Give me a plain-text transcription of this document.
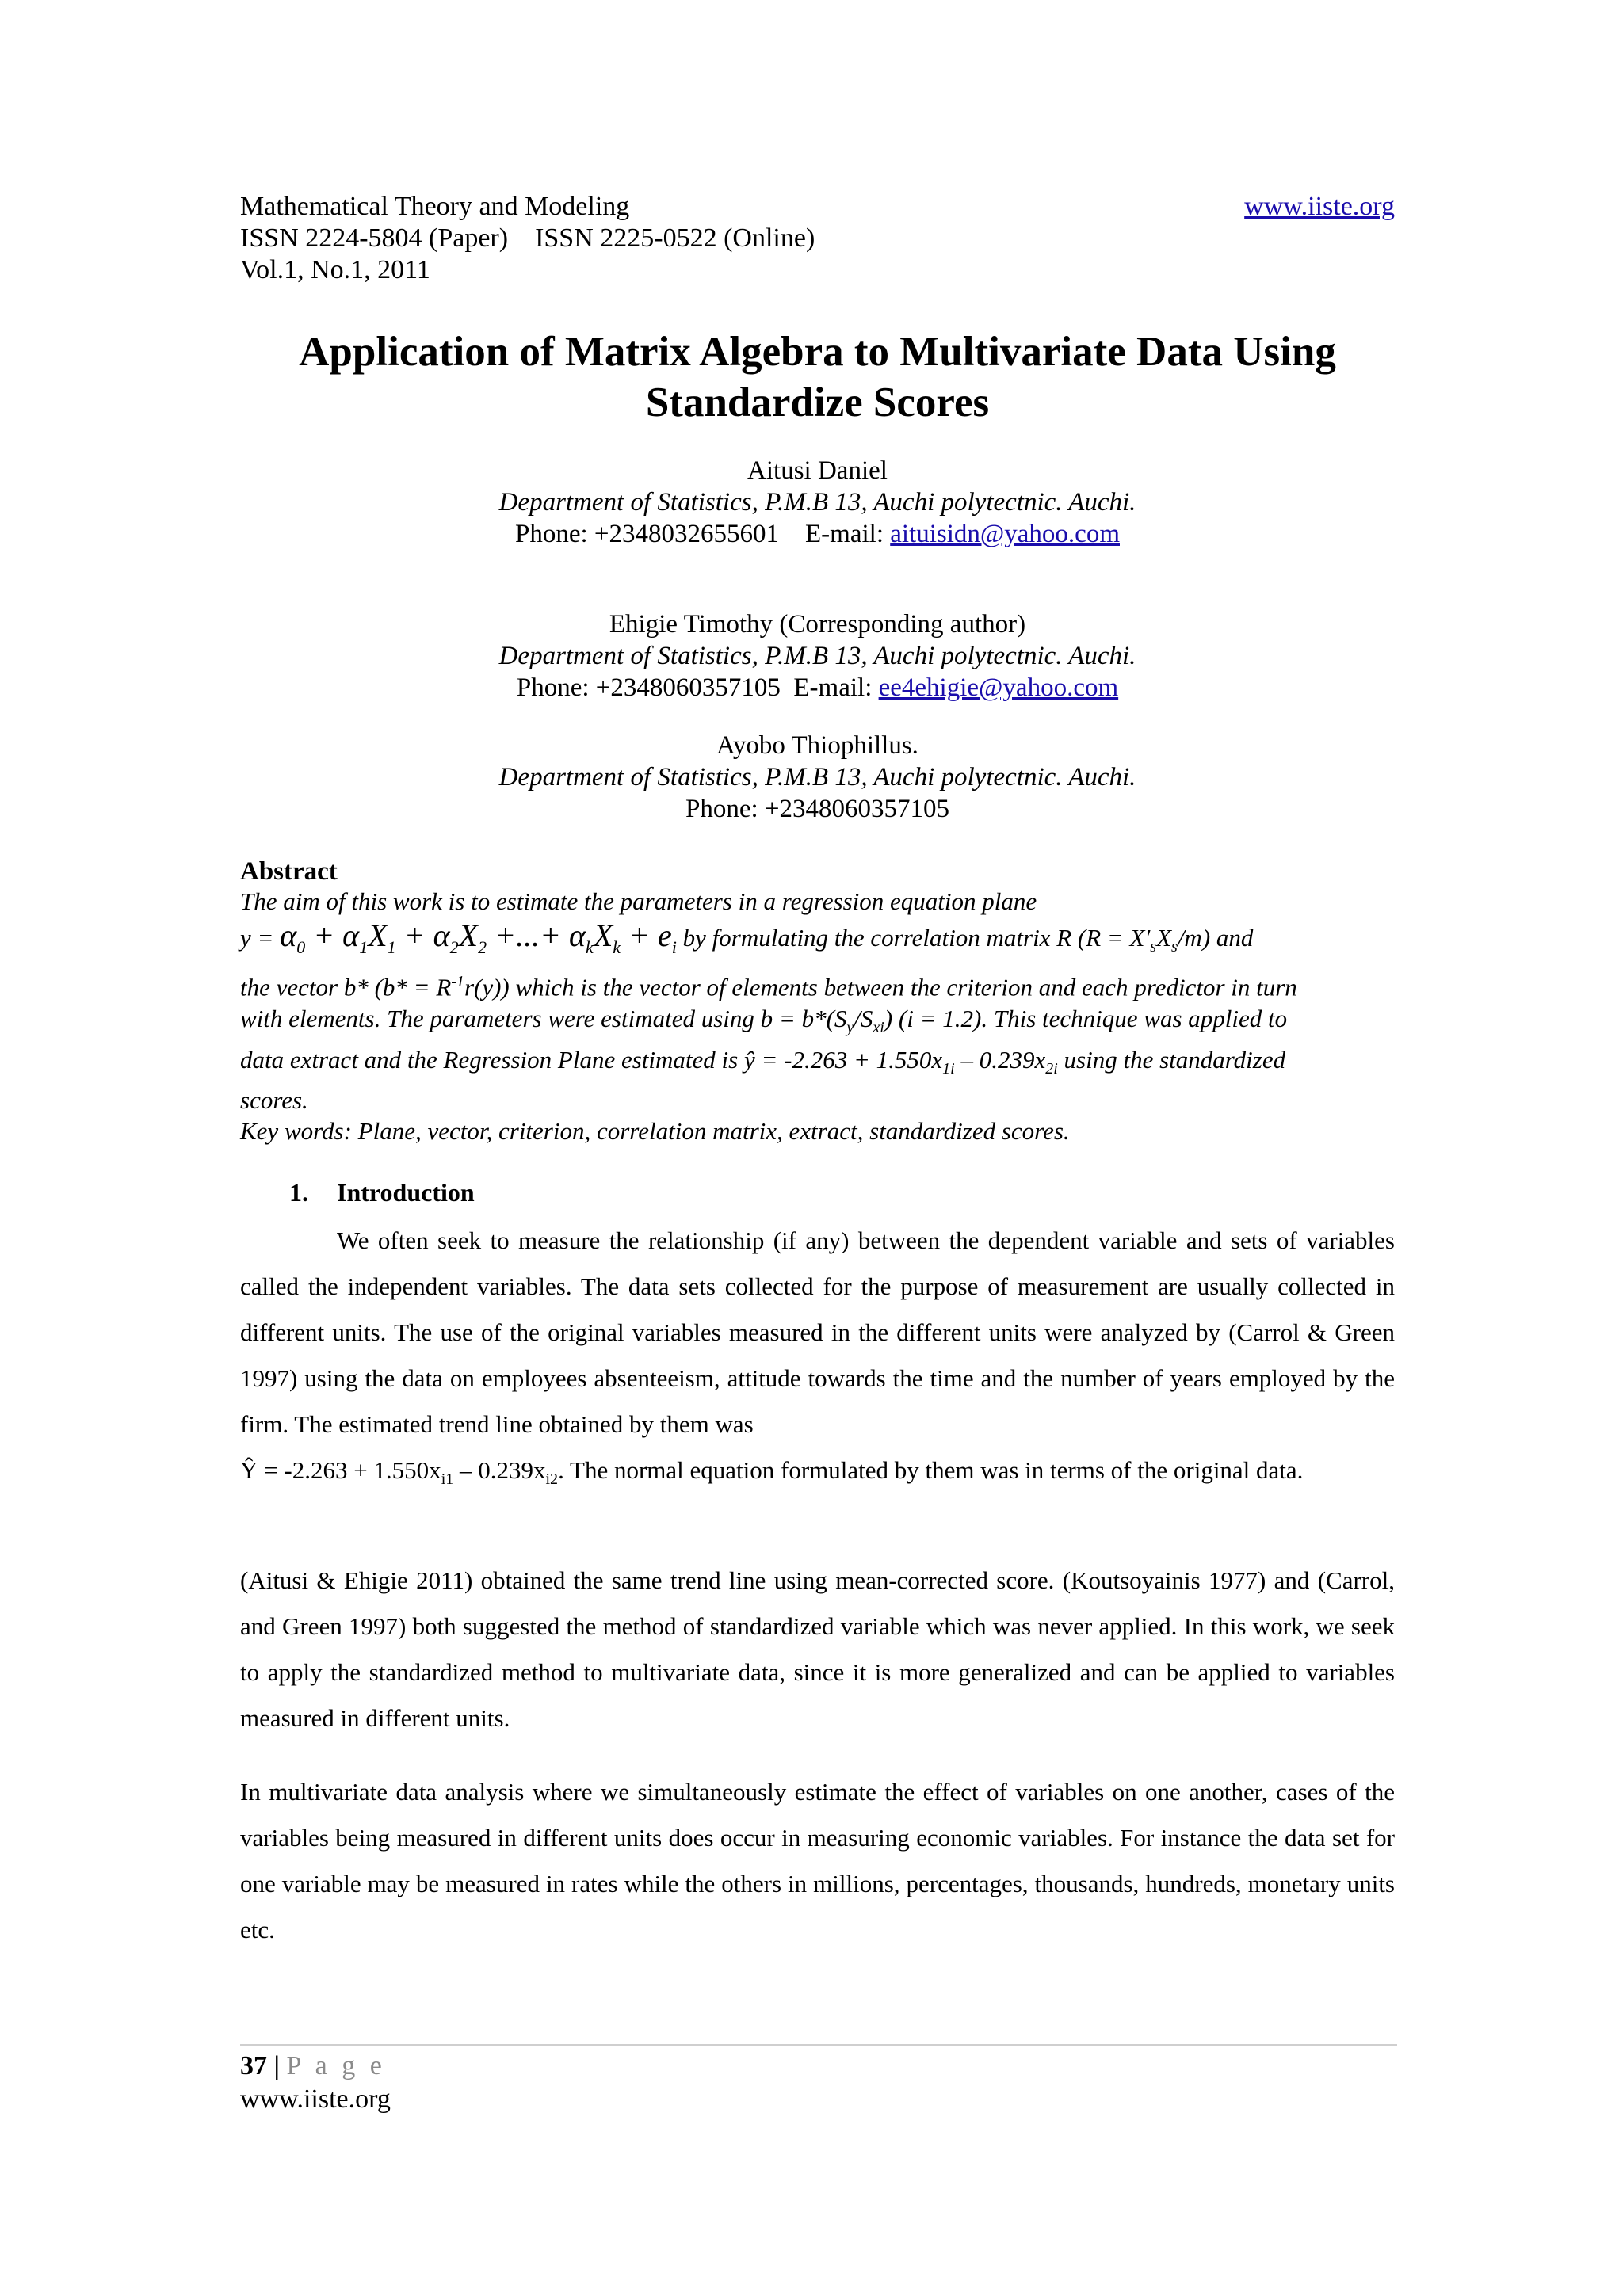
Mathematical Theory and Modeling	www.iiste.org
ISSN 2224-5804 (Paper)    ISSN 2225-0522 (Online)
Vol.1, No.1, 2011
Application of Matrix Algebra to Multivariate Data Using
Standardize Scores
Aitusi Daniel
Department of Statistics, P.M.B 13, Auchi polytectnic. Auchi.
Phone: +2348032655601    E-mail: aituisidn@yahoo.com
Ehigie Timothy (Corresponding author)
Department of Statistics, P.M.B 13, Auchi polytectnic. Auchi.
Phone: +2348060357105  E-mail: ee4ehigie@yahoo.com
Ayobo Thiophillus.
Department of Statistics, P.M.B 13, Auchi polytectnic. Auchi.
Phone: +2348060357105
Abstract
The aim of this work is to estimate the parameters in a regression equation plane
$y = \alpha_0 + \alpha_1X_1 + \alpha_2X_2$ +...+ $\alpha_kX_k + e_i$ by formulating the correlation matrix R $(R = X'_sX_s/m)$ and
the vector b* $(b* = R^{-1}r(y))$ which is the vector of elements between the criterion and each predictor in turn
with elements. The parameters were estimated using $b = b*(S_y/S_{xi}) (i = 1.2)$. This technique was applied to
data extract and the Regression Plane estimated is ŷ = $-2.263 + 1.550x_{1i} - 0.239x_{2i}$ using the standardized
scores.
Key words: Plane, vector, criterion, correlation matrix, extract, standardized scores.
1. Introduction

We often seek to measure the relationship (if any) between the dependent variable and sets of variables called the independent variables. The data sets collected for the purpose of measurement are usually collected in different units. The use of the original variables measured in the different units were analyzed by (Carrol & Green 1997) using the data on employees absenteeism, attitude towards the time and the number of years employed by the firm. The estimated trend line obtained by them was

Ŷ = $-2.263 + 1.550x_{i1} - 0.239x_{i2}$. The normal equation formulated by them was in terms of the original data.

(Aitusi & Ehigie 2011) obtained the same trend line using mean-corrected score. (Koutsoyainis 1977) and (Carrol, and Green 1997) both suggested the method of standardized variable which was never applied. In this work, we seek to apply the standardized method to multivariate data, since it is more generalized and can be applied to variables measured in different units.

In multivariate data analysis where we simultaneously estimate the effect of variables on one another, cases of the variables being measured in different units does occur in measuring economic variables. For instance the data set for one variable may be measured in rates while the others in millions, percentages, thousands, hundreds, monetary units etc.

37 | P a g e
www.iiste.org
